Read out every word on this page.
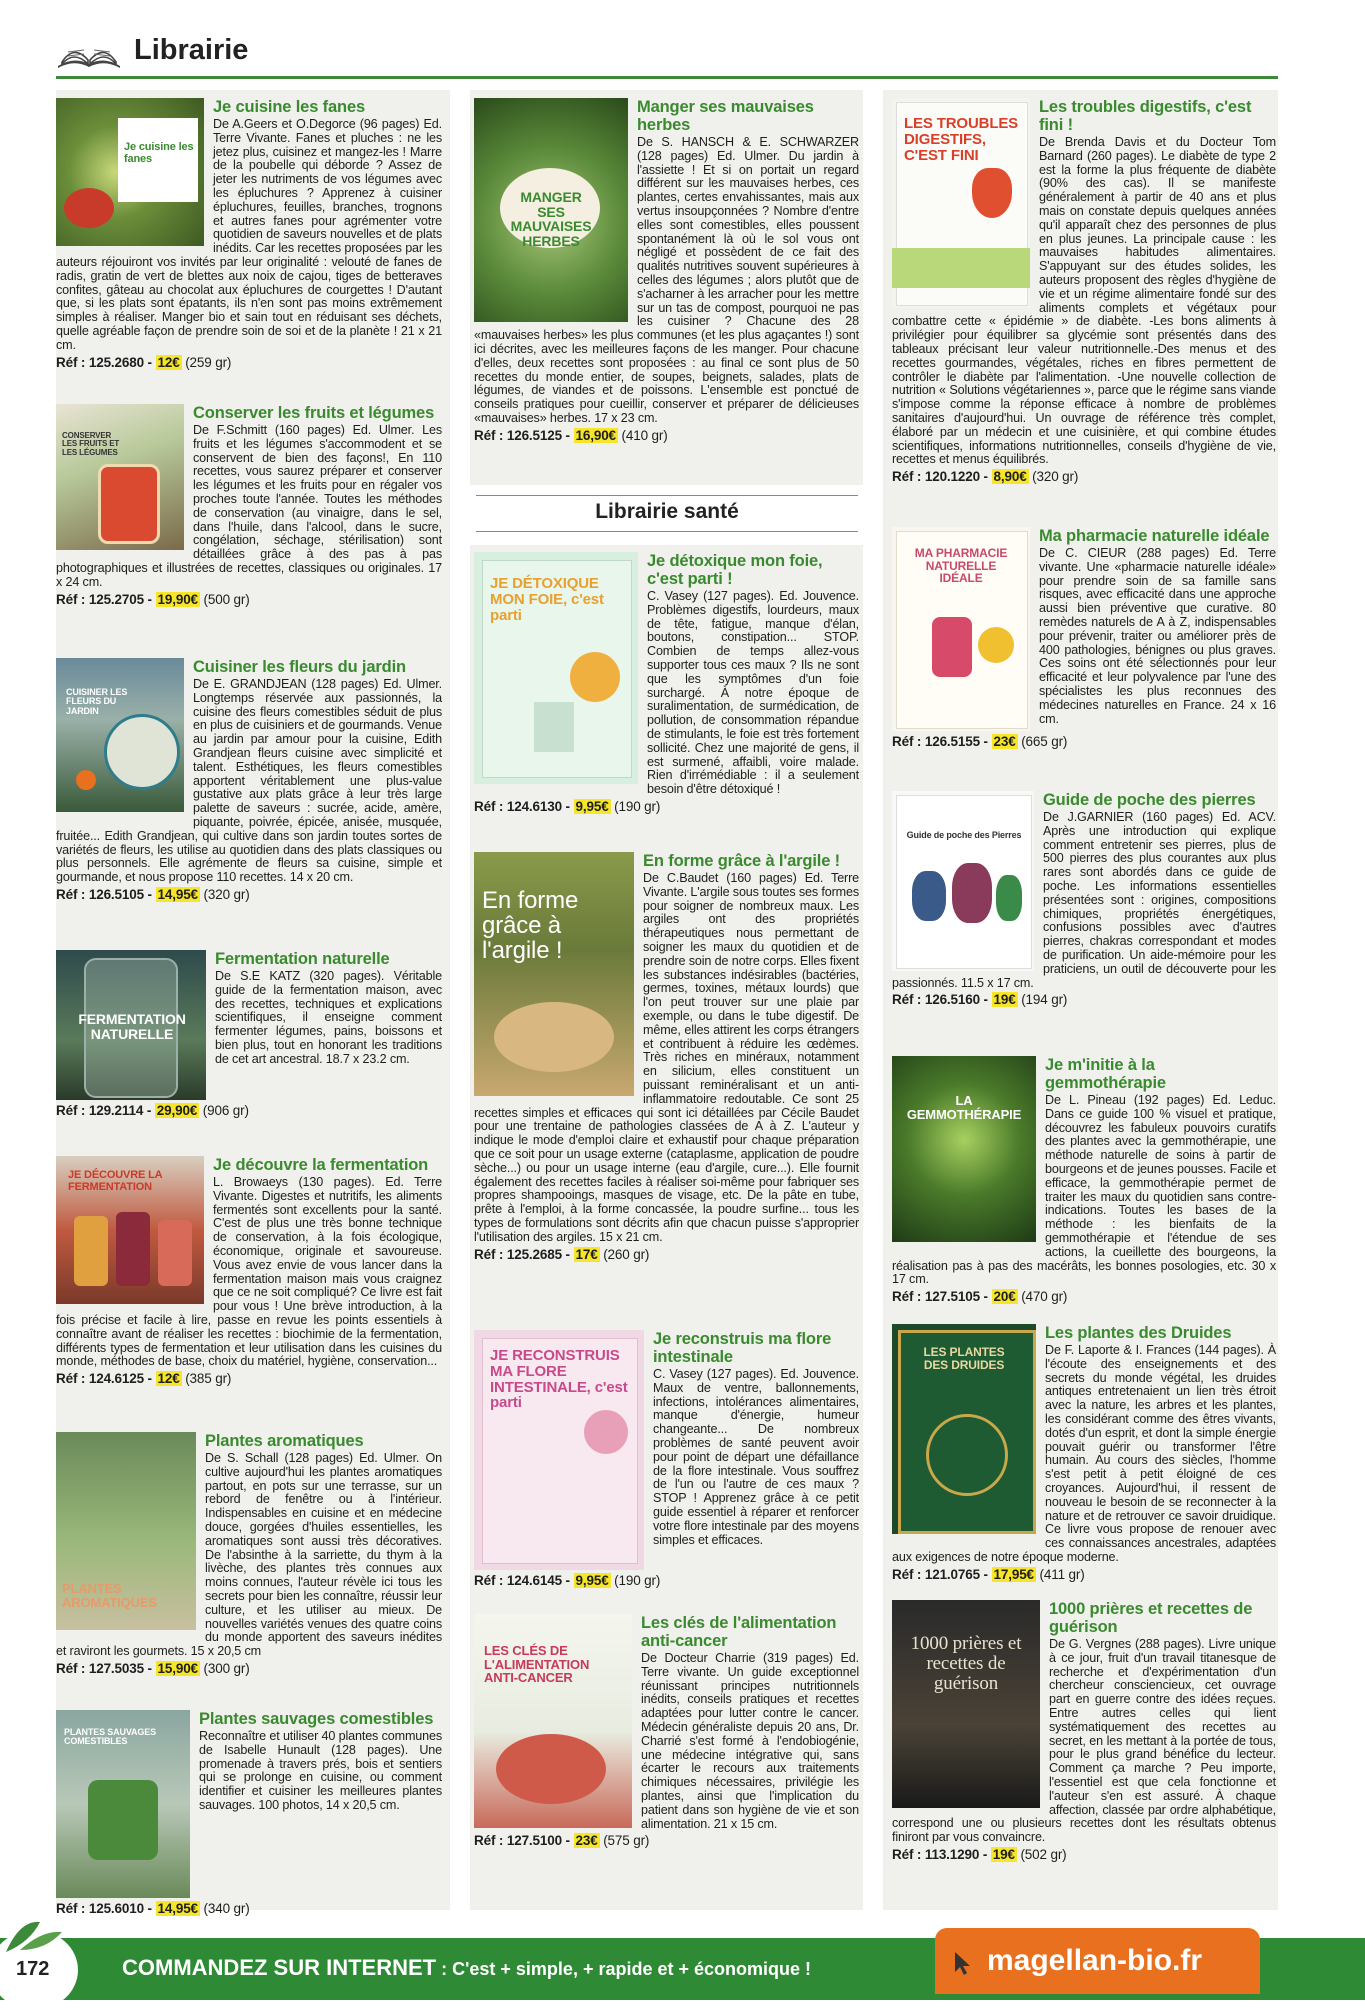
Librairie
Librairie santé
Je cuisine les fanes
Je cuisine les fanes
De A.Geers et O.Degorce (96 pages) Ed. Terre Vivante. Fanes et pluches : ne les jetez plus, cuisinez et mangez-les ! Marre de la poubelle qui déborde ? Assez de jeter les nutriments de vos légumes avec les épluchures ? Apprenez à cuisiner épluchures, feuilles, branches, trognons et autres fanes pour agrémenter votre quotidien de saveurs nouvelles et de plats inédits. Car les recettes proposées par les auteurs réjouiront vos invités par leur originalité : velouté de fanes de radis, gratin de vert de blettes aux noix de cajou, tiges de betteraves confites, gâteau au chocolat aux épluchures de courgettes ! D'autant que, si les plats sont épatants, ils n'en sont pas moins extrêmement simples à réaliser. Manger bio et sain tout en réduisant ses déchets, quelle agréable façon de prendre soin de soi et de la planète ! 21 x 21 cm.
Réf : 125.2680 - 12€ (259 gr)
CONSERVER LES FRUITS ET LES LÉGUMES
Conserver les fruits et légumes
De F.Schmitt (160 pages) Ed. Ulmer. Les fruits et les légumes s'accommodent et se conservent de bien des façons!, En 110 recettes, vous saurez préparer et conserver les légumes et les fruits pour en régaler vos proches toute l'année. Toutes les méthodes de conservation (au vinaigre, dans le sel, dans l'huile, dans l'alcool, dans le sucre, congélation, séchage, stérilisation) sont détaillées grâce à des pas à pas photographiques et illustrées de recettes, classiques ou originales. 17 x 24 cm.
Réf : 125.2705 - 19,90€ (500 gr)
CUISINER LES FLEURS DU JARDIN
Cuisiner les fleurs du jardin
De E. GRANDJEAN (128 pages) Ed. Ulmer. Longtemps réservée aux passionnés, la cuisine des fleurs comestibles séduit de plus en plus de cuisiniers et de gourmands. Venue au jardin par amour pour la cuisine, Edith Grandjean fleurs cuisine avec simplicité et talent. Esthétiques, les fleurs comestibles apportent véritablement une plus-value gustative aux plats grâce à leur très large palette de saveurs : sucrée, acide, amère, piquante, poivrée, épicée, anisée, musquée, fruitée... Edith Grandjean, qui cultive dans son jardin toutes sortes de variétés de fleurs, les utilise au quotidien dans des plats classiques ou plus personnels. Elle agrémente de fleurs sa cuisine, simple et gourmande, et nous propose 110 recettes. 14 x 20 cm.
Réf : 126.5105 - 14,95€ (320 gr)
FERMENTATION NATURELLE
Fermentation naturelle
De S.E KATZ (320 pages). Véritable guide de la fermentation maison, avec des recettes, techniques et explications scientifiques, il enseigne comment fermenter légumes, pains, boissons et bien plus, tout en honorant les traditions de cet art ancestral. 18.7 x 23.2 cm.
Réf : 129.2114 - 29,90€ (906 gr)
JE DÉCOUVRE LA FERMENTATION
Je découvre la fermentation
L. Browaeys (130 pages). Ed. Terre Vivante. Digestes et nutritifs, les aliments fermentés sont excellents pour la santé. C'est de plus une très bonne technique de conservation, à la fois écologique, économique, originale et savoureuse. Vous avez envie de vous lancer dans la fermentation maison mais vous craignez que ce ne soit compliqué? Ce livre est fait pour vous ! Une brève introduction, à la fois précise et facile à lire, passe en revue les points essentiels à connaître avant de réaliser les recettes : biochimie de la fermentation, différents types de fermentation et leur utilisation dans les cuisines du monde, méthodes de base, choix du matériel, hygiène, conservation...
Réf : 124.6125 - 12€ (385 gr)
PLANTES AROMATIQUES
Plantes aromatiques
De S. Schall (128 pages) Ed. Ulmer. On cultive aujourd'hui les plantes aromatiques partout, en pots sur une terrasse, sur un rebord de fenêtre ou à l'intérieur. Indispensables en cuisine et en médecine douce, gorgées d'huiles essentielles, les aromatiques sont aussi très décoratives. De l'absinthe à la sarriette, du thym à la livèche, des plantes très connues aux moins connues, l'auteur révèle ici tous les secrets pour bien les connaître, réussir leur culture, et les utiliser au mieux. De nouvelles variétés venues des quatre coins du monde apportent des saveurs inédites et raviront les gourmets. 15 x 20,5 cm
Réf : 127.5035 - 15,90€ (300 gr)
PLANTES SAUVAGES COMESTIBLES
Plantes sauvages comestibles
Reconnaître et utiliser 40 plantes communes de Isabelle Hunault (128 pages). Une promenade à travers prés, bois et sentiers qui se prolonge en cuisine, ou comment identifier et cuisiner les meilleures plantes sauvages. 100 photos, 14 x 20,5 cm.
Réf : 125.6010 - 14,95€ (340 gr)
MANGER SES MAUVAISES HERBES
Manger ses mauvaises herbes
De S. HANSCH & E. SCHWARZER (128 pages) Ed. Ulmer. Du jardin à l'assiette ! Et si on portait un regard différent sur les mauvaises herbes, ces plantes, certes envahissantes, mais aux vertus insoupçonnées ? Nombre d'entre elles sont comestibles, elles poussent spontanément là où le sol vous ont négligé et possèdent de ce fait des qualités nutritives souvent supérieures à celles des légumes ; alors plutôt que de s'acharner à les arracher pour les mettre sur un tas de compost, pourquoi ne pas les cuisiner ? Chacune des 28 «mauvaises herbes» les plus communes (et les plus agaçantes !) sont ici décrites, avec les meilleures façons de les manger. Pour chacune d'elles, deux recettes sont proposées : au final ce sont plus de 50 recettes du monde entier, de soupes, beignets, salades, plats de légumes, de viandes et de poissons. L'ensemble est ponctué de conseils pratiques pour cueillir, conserver et préparer de délicieuses «mauvaises» herbes. 17 x 23 cm.
Réf : 126.5125 - 16,90€ (410 gr)
JE DÉTOXIQUE MON FOIE, c'est parti
Je détoxique mon foie, c'est parti !
C. Vasey (127 pages). Ed. Jouvence. Problèmes digestifs, lourdeurs, maux de tête, fatigue, manque d'élan, boutons, constipation... STOP. Combien de temps allez-vous supporter tous ces maux ? Ils ne sont que les symptômes d'un foie surchargé. À notre époque de suralimentation, de surmédication, de pollution, de consommation répandue de stimulants, le foie est très fortement sollicité. Chez une majorité de gens, il est surmené, affaibli, voire malade. Rien d'irrémédiable : il a seulement besoin d'être détoxiqué !
Réf : 124.6130 - 9,95€ (190 gr)
En forme grâce à l'argile !
En forme grâce à l'argile !
De C.Baudet (160 pages) Ed. Terre Vivante. L'argile sous toutes ses formes pour soigner de nombreux maux. Les argiles ont des propriétés thérapeutiques nous permettant de soigner les maux du quotidien et de prendre soin de notre corps. Elles fixent les substances indésirables (bactéries, germes, toxines, métaux lourds) que l'on peut trouver sur une plaie par exemple, ou dans le tube digestif. De même, elles attirent les corps étrangers et contribuent à réduire les œdèmes. Très riches en minéraux, notamment en silicium, elles constituent un puissant reminéralisant et un anti-inflammatoire redoutable. Ce sont 25 recettes simples et efficaces qui sont ici détaillées par Cécile Baudet pour une trentaine de pathologies classées de A à Z. L'auteur y indique le mode d'emploi claire et exhaustif pour chaque préparation que ce soit pour un usage externe (cataplasme, application de poudre sèche...) ou pour un usage interne (eau d'argile, cure...). Elle fournit également des recettes faciles à réaliser soi-même pour fabriquer ses propres shampooings, masques de visage, etc. De la pâte en tube, prête à l'emploi, à la forme concassée, la poudre surfine... tous les types de formulations sont décrits afin que chacun puisse s'approprier l'utilisation des argiles. 15 x 21 cm.
Réf : 125.2685 - 17€ (260 gr)
JE RECONSTRUIS MA FLORE INTESTINALE, c'est parti
Je reconstruis ma flore intestinale
C. Vasey (127 pages). Ed. Jouvence. Maux de ventre, ballonnements, infections, intolérances alimentaires, manque d'énergie, humeur changeante... De nombreux problèmes de santé peuvent avoir pour point de départ une défaillance de la flore intestinale. Vous souffrez de l'un ou l'autre de ces maux ? STOP ! Apprenez grâce à ce petit guide essentiel à réparer et renforcer votre flore intestinale par des moyens simples et efficaces.
Réf : 124.6145 - 9,95€ (190 gr)
LES CLÉS DE L'ALIMENTATION ANTI-CANCER
Les clés de l'alimentation anti-cancer
De Docteur Charrie (319 pages) Ed. Terre vivante. Un guide exceptionnel réunissant principes nutritionnels inédits, conseils pratiques et recettes adaptées pour lutter contre le cancer. Médecin généraliste depuis 20 ans, Dr. Charrié s'est formé à l'endobiogénie, une médecine intégrative qui, sans écarter le recours aux traitements chimiques nécessaires, privilégie les plantes, ainsi que l'implication du patient dans son hygiène de vie et son alimentation. 21 x 15 cm.
Réf : 127.5100 - 23€ (575 gr)
LES TROUBLES DIGESTIFS, C'EST FINI
Les troubles digestifs, c'est fini !
De Brenda Davis et du Docteur Tom Barnard (260 pages). Le diabète de type 2 est la forme la plus fréquente de diabète (90% des cas). Il se manifeste généralement à partir de 40 ans et plus mais on constate depuis quelques années qu'il apparaît chez des personnes de plus en plus jeunes. La principale cause : les mauvaises habitudes alimentaires. S'appuyant sur des études solides, les auteurs proposent des règles d'hygiène de vie et un régime alimentaire fondé sur des aliments complets et végétaux pour combattre cette « épidémie » de diabète. -Les bons aliments à privilégier pour équilibrer sa glycémie sont présentés dans des tableaux précisant leur valeur nutritionnelle.-Des menus et des recettes gourmandes, végétales, riches en fibres permettent de contrôler le diabète par l'alimentation. -Une nouvelle collection de nutrition « Solutions végétariennes », parce que le régime sans viande s'impose comme la réponse efficace à nombre de problèmes sanitaires d'aujourd'hui. Un ouvrage de référence très complet, élaboré par un médecin et une cuisinière, et qui combine études scientifiques, informations nutritionnelles, conseils d'hygiène de vie, recettes et menus équilibrés.
Réf : 120.1220 - 8,90€ (320 gr)
MA PHARMACIE NATURELLE IDÉALE
Ma pharmacie naturelle idéale
De C. CIEUR (288 pages) Ed. Terre vivante. Une «pharmacie naturelle idéale» pour prendre soin de sa famille sans risques, avec efficacité dans une approche aussi bien préventive que curative. 80 remèdes naturels de A à Z, indispensables pour prévenir, traiter ou améliorer près de 400 pathologies, bénignes ou plus graves. Ces soins ont été sélectionnés pour leur efficacité et leur polyvalence par l'une des spécialistes les plus reconnues des médecines naturelles en France. 24 x 16 cm.
Réf : 126.5155 - 23€ (665 gr)
Guide de poche des Pierres
Guide de poche des pierres
De J.GARNIER (160 pages) Ed. ACV. Après une introduction qui explique comment entretenir ses pierres, plus de 500 pierres des plus courantes aux plus rares sont abordés dans ce guide de poche. Les informations essentielles présentées sont : origines, compositions chimiques, propriétés énergétiques, confusions possibles avec d'autres pierres, chakras correspondant et modes de purification. Un aide-mémoire pour les praticiens, un outil de découverte pour les passionnés. 11.5 x 17 cm.
Réf : 126.5160 - 19€ (194 gr)
LA GEMMOTHÉRAPIE
Je m'initie à la gemmothérapie
De L. Pineau (192 pages) Ed. Leduc. Dans ce guide 100 % visuel et pratique, découvrez les fabuleux pouvoirs curatifs des plantes avec la gemmothérapie, une méthode naturelle de soins à partir de bourgeons et de jeunes pousses. Facile et efficace, la gemmothérapie permet de traiter les maux du quotidien sans contre-indications. Toutes les bases de la méthode : les bienfaits de la gemmothérapie et l'étendue de ses actions, la cueillette des bourgeons, la réalisation pas à pas des macérâts, les bonnes posologies, etc. 30 x 17 cm.
Réf : 127.5105 - 20€ (470 gr)
LES PLANTES DES DRUIDES
Les plantes des Druides
De F. Laporte & I. Frances (144 pages). À l'écoute des enseignements et des secrets du monde végétal, les druides antiques entretenaient un lien très étroit avec la nature, les arbres et les plantes, les considérant comme des êtres vivants, dotés d'un esprit, et dont la simple énergie pouvait guérir ou transformer l'être humain. Au cours des siècles, l'homme s'est petit à petit éloigné de ces croyances. Aujourd'hui, il ressent de nouveau le besoin de se reconnecter à la nature et de retrouver ce savoir druidique. Ce livre vous propose de renouer avec ces connaissances ancestrales, adaptées aux exigences de notre époque moderne.
Réf : 121.0765 - 17,95€ (411 gr)
1000 prières et recettes de guérison
1000 prières et recettes de guérison
De G. Vergnes (288 pages). Livre unique à ce jour, fruit d'un travail titanesque de recherche et d'expérimentation d'un chercheur consciencieux, cet ouvrage part en guerre contre des idées reçues. Entre autres celles qui lient systématiquement des recettes au secret, en les mettant à la portée de tous, pour le plus grand bénéfice du lecteur. Comment ça marche ? Peu importe, l'essentiel est que cela fonctionne et l'auteur s'en est assuré. À chaque affection, classée par ordre alphabétique, correspond une ou plusieurs recettes dont les résultats obtenus finiront par vous convaincre.
Réf : 113.1290 - 19€ (502 gr)
172	COMMANDEZ SUR INTERNET : C'est + simple, + rapide et + économique !	magellan-bio.fr
